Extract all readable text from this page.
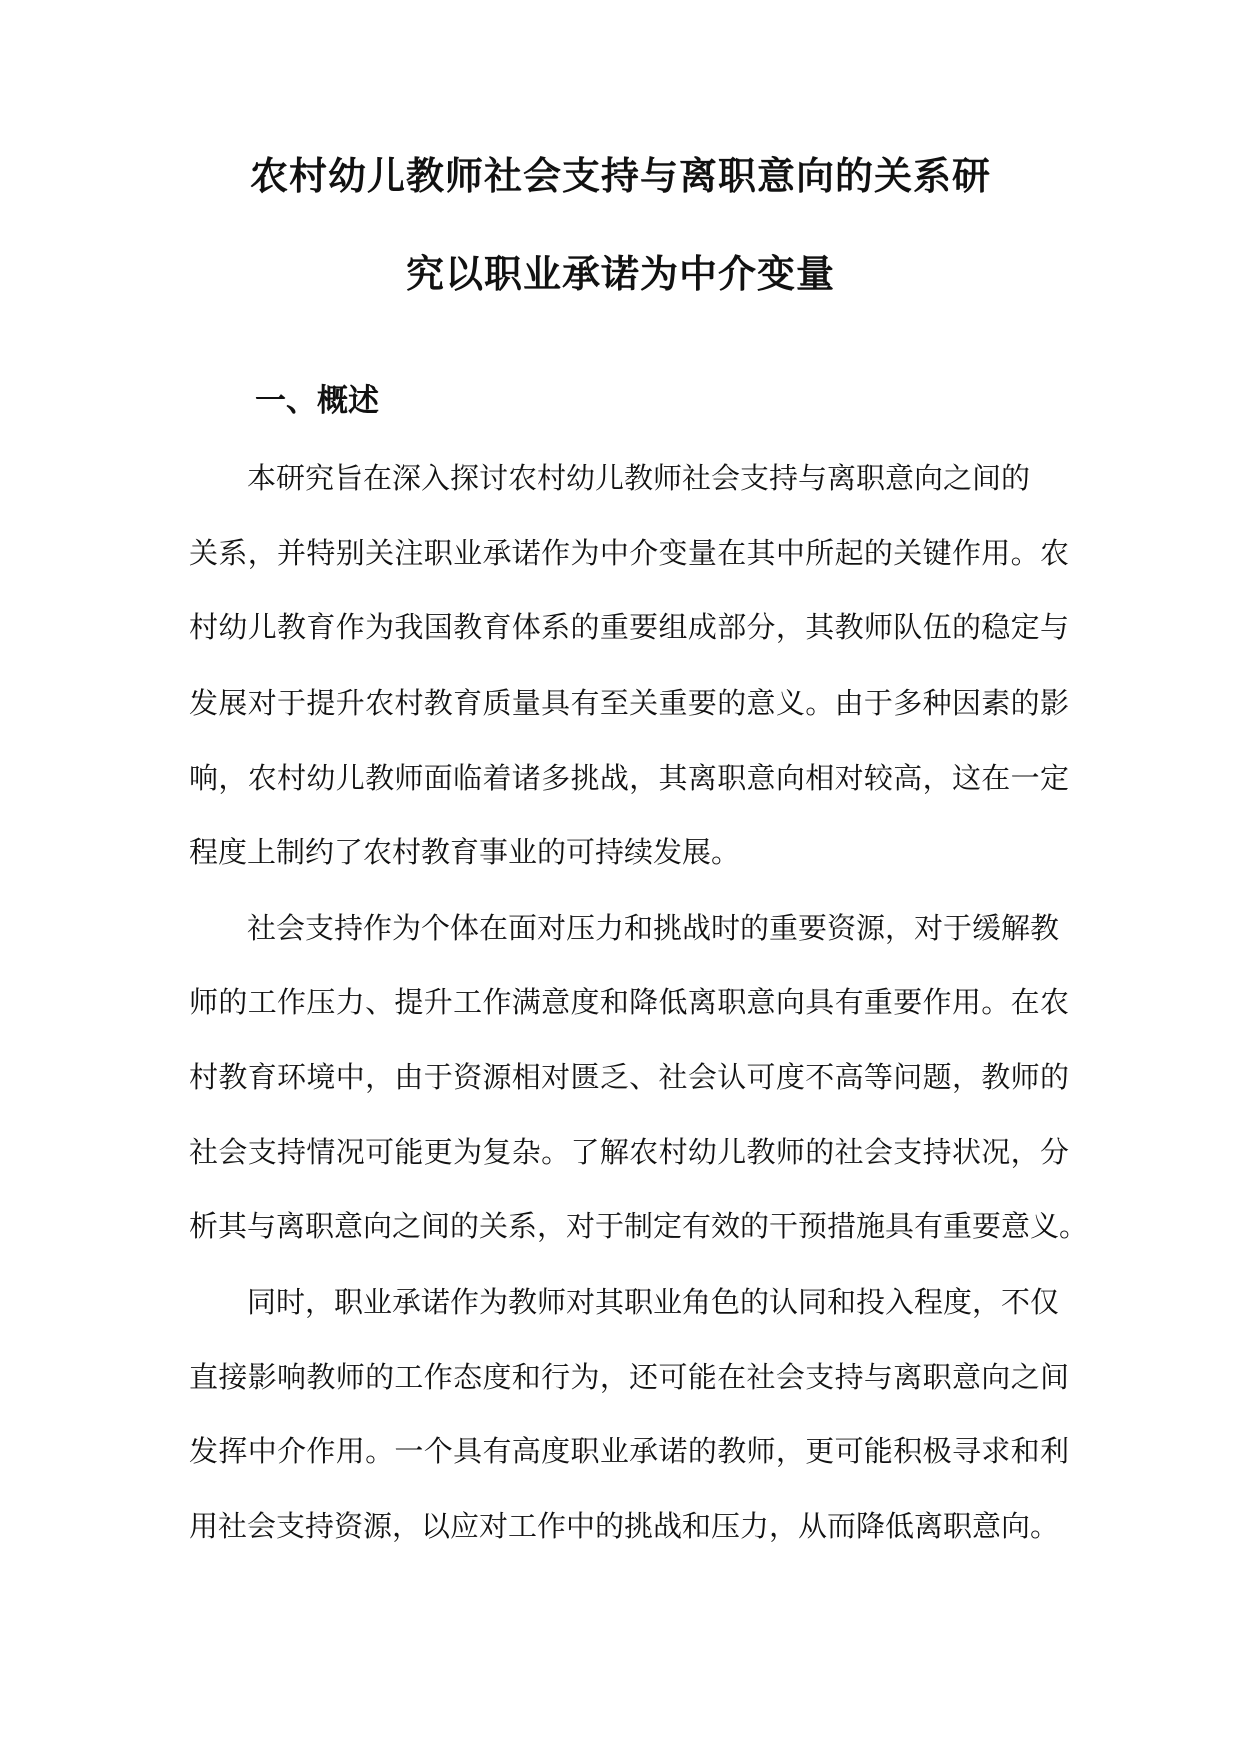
农村幼儿教师社会支持与离职意向的关系研
究以职业承诺为中介变量
一、概述
本研究旨在深入探讨农村幼儿教师社会支持与离职意向之间的
关系，并特别关注职业承诺作为中介变量在其中所起的关键作用。农
村幼儿教育作为我国教育体系的重要组成部分，其教师队伍的稳定与
发展对于提升农村教育质量具有至关重要的意义。由于多种因素的影
响，农村幼儿教师面临着诸多挑战，其离职意向相对较高，这在一定
程度上制约了农村教育事业的可持续发展。
社会支持作为个体在面对压力和挑战时的重要资源，对于缓解教
师的工作压力、提升工作满意度和降低离职意向具有重要作用。在农
村教育环境中，由于资源相对匮乏、社会认可度不高等问题，教师的
社会支持情况可能更为复杂。了解农村幼儿教师的社会支持状况，分
析其与离职意向之间的关系，对于制定有效的干预措施具有重要意义。
同时，职业承诺作为教师对其职业角色的认同和投入程度，不仅
直接影响教师的工作态度和行为，还可能在社会支持与离职意向之间
发挥中介作用。一个具有高度职业承诺的教师，更可能积极寻求和利
用社会支持资源，以应对工作中的挑战和压力，从而降低离职意向。
